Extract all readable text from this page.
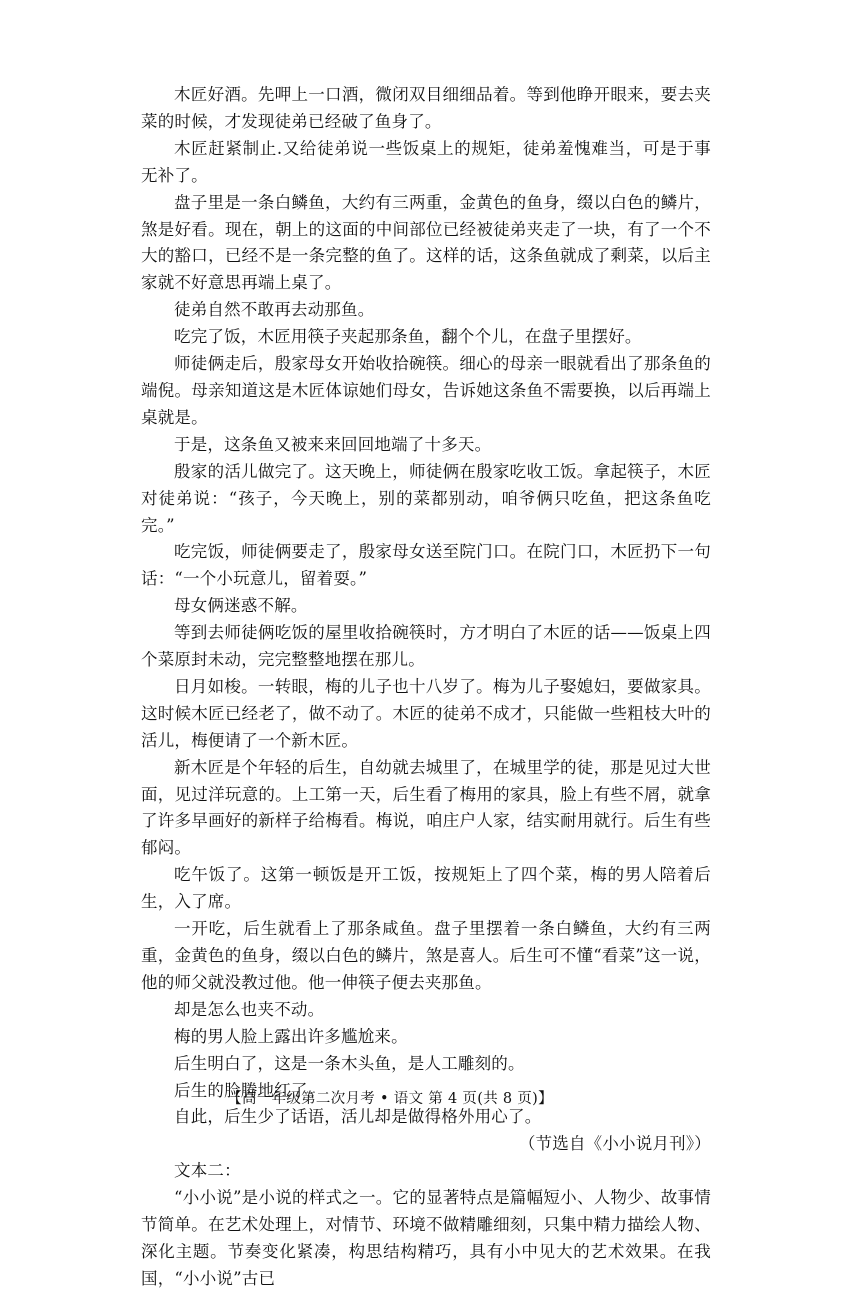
木匠好酒。先呷上一口酒，微闭双目细细品着。等到他睁开眼来，要去夹菜的时候，才发现徒弟已经破了鱼身了。

木匠赶紧制止.又给徒弟说一些饭桌上的规矩，徒弟羞愧难当，可是于事无补了。

盘子里是一条白鳞鱼，大约有三两重，金黄色的鱼身，缀以白色的鳞片，煞是好看。现在，朝上的这面的中间部位已经被徒弟夹走了一块，有了一个不大的豁口，已经不是一条完整的鱼了。这样的话，这条鱼就成了剩菜，以后主家就不好意思再端上桌了。

徒弟自然不敢再去动那鱼。

吃完了饭，木匠用筷子夹起那条鱼，翻个个儿，在盘子里摆好。

师徒俩走后，殷家母女开始收拾碗筷。细心的母亲一眼就看出了那条鱼的端倪。母亲知道这是木匠体谅她们母女，告诉她这条鱼不需要换，以后再端上桌就是。

于是，这条鱼又被来来回回地端了十多天。

殷家的活儿做完了。这天晚上，师徒俩在殷家吃收工饭。拿起筷子，木匠对徒弟说：“孩子，今天晚上，别的菜都别动，咱爷俩只吃鱼，把这条鱼吃完。”

吃完饭，师徒俩要走了，殷家母女送至院门口。在院门口，木匠扔下一句话：“一个小玩意儿，留着耍。”

母女俩迷惑不解。

等到去师徒俩吃饭的屋里收拾碗筷时，方才明白了木匠的话——饭桌上四个菜原封未动，完完整整地摆在那儿。

日月如梭。一转眼，梅的儿子也十八岁了。梅为儿子娶媳妇，要做家具。这时候木匠已经老了，做不动了。木匠的徒弟不成才，只能做一些粗枝大叶的活儿，梅便请了一个新木匠。

新木匠是个年轻的后生，自幼就去城里了，在城里学的徒，那是见过大世面，见过洋玩意的。上工第一天，后生看了梅用的家具，脸上有些不屑，就拿了许多早画好的新样子给梅看。梅说，咱庄户人家，结实耐用就行。后生有些郁闷。

吃午饭了。这第一顿饭是开工饭，按规矩上了四个菜，梅的男人陪着后生，入了席。

一开吃，后生就看上了那条咸鱼。盘子里摆着一条白鳞鱼，大约有三两重，金黄色的鱼身，缀以白色的鳞片，煞是喜人。后生可不懂“看菜”这一说，他的师父就没教过他。他一伸筷子便去夹那鱼。

却是怎么也夹不动。

梅的男人脸上露出许多尴尬来。

后生明白了，这是一条木头鱼，是人工雕刻的。

后生的脸腾地红了。

自此，后生少了话语，活儿却是做得格外用心了。

（节选自《小小说月刊》）

文本二：

“小小说”是小说的样式之一。它的显著特点是篇幅短小、人物少、故事情节简单。在艺术处理上，对情节、环境不做精雕细刻，只集中精力描绘人物、深化主题。节奏变化紧凑，构思结构精巧，具有小中见大的艺术效果。在我国，“小小说”古已

【高一年级第二次月考 • 语文 第 4 页(共 8 页)】
